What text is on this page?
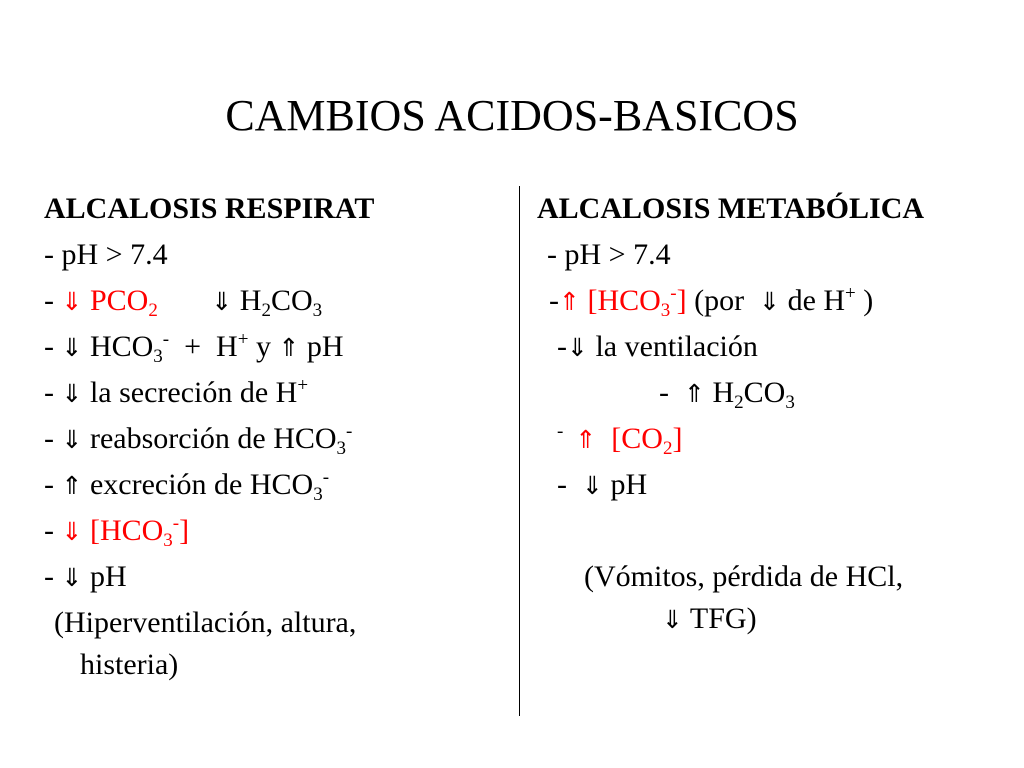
CAMBIOS ACIDOS-BASICOS
ALCALOSIS RESPIRAT
- pH > 7.4
- ⇓ $PCO_2$ ⇓ $H_2CO_3$
- ⇓ $HCO_3^- + H^+$ y ⇑ pH
- ⇓ la secreción de H+
- ⇓ reabsorción de $HCO_3^-$
- ⇑ excreción de $HCO_3^-$
- ⇓ $[HCO_3^-]$
- ⇓ pH
(Hiperventilación, altura,
histeria)
ALCALOSIS METABÓLICA
- pH > 7.4
-⇑ $[HCO_3^-]$ (por  ⇓ de H+ )
-⇓ la ventilación
-  ⇑ $H_2CO_3$
- ⇑  $[CO_2]$
-  ⇓ pH
(Vómitos, pérdida de HCl,
⇓ TFG)
